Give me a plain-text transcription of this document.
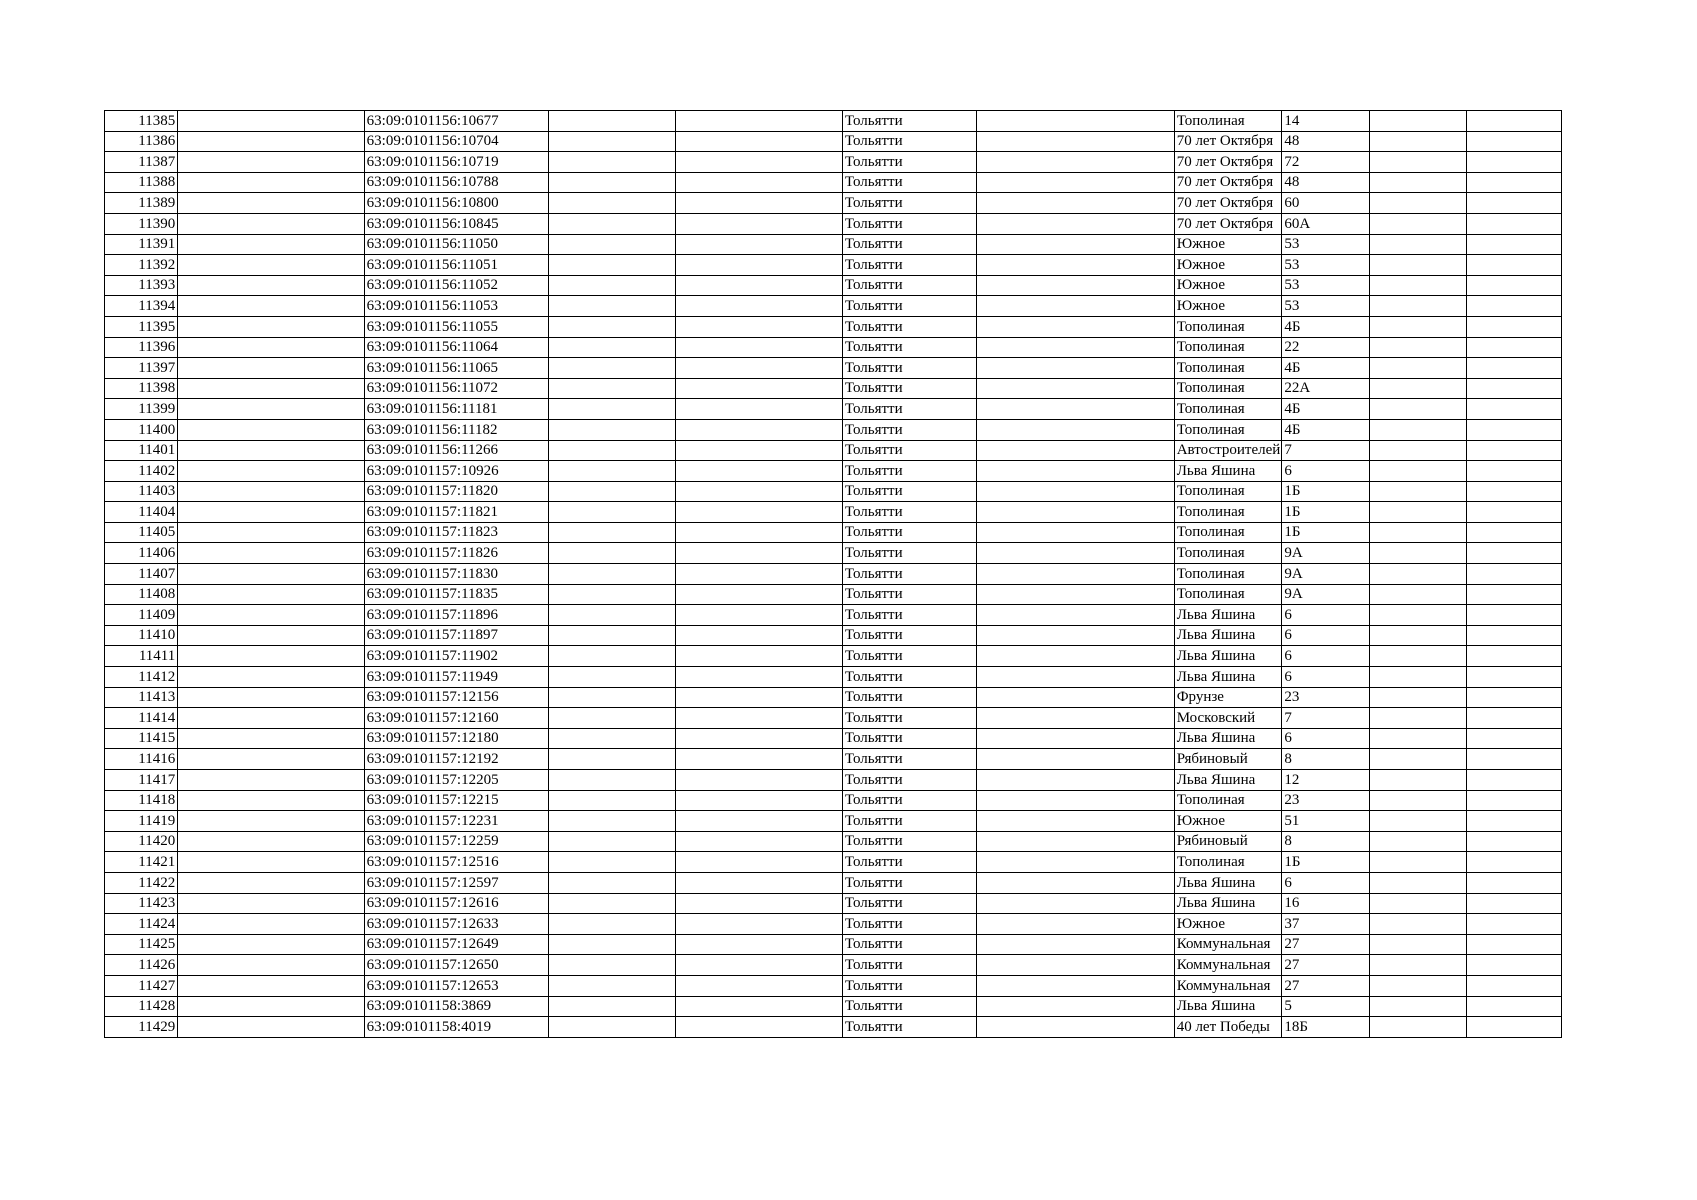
11385		63:09:0101156:10677			Тольятти		Тополиная	14		
11386		63:09:0101156:10704			Тольятти		70 лет Октября	48		
11387		63:09:0101156:10719			Тольятти		70 лет Октября	72		
11388		63:09:0101156:10788			Тольятти		70 лет Октября	48		
11389		63:09:0101156:10800			Тольятти		70 лет Октября	60		
11390		63:09:0101156:10845			Тольятти		70 лет Октября	60А		
11391		63:09:0101156:11050			Тольятти		Южное	53		
11392		63:09:0101156:11051			Тольятти		Южное	53		
11393		63:09:0101156:11052			Тольятти		Южное	53		
11394		63:09:0101156:11053			Тольятти		Южное	53		
11395		63:09:0101156:11055			Тольятти		Тополиная	4Б		
11396		63:09:0101156:11064			Тольятти		Тополиная	22		
11397		63:09:0101156:11065			Тольятти		Тополиная	4Б		
11398		63:09:0101156:11072			Тольятти		Тополиная	22А		
11399		63:09:0101156:11181			Тольятти		Тополиная	4Б		
11400		63:09:0101156:11182			Тольятти		Тополиная	4Б		
11401		63:09:0101156:11266			Тольятти		Автостроителей	7		
11402		63:09:0101157:10926			Тольятти		Льва Яшина	6		
11403		63:09:0101157:11820			Тольятти		Тополиная	1Б		
11404		63:09:0101157:11821			Тольятти		Тополиная	1Б		
11405		63:09:0101157:11823			Тольятти		Тополиная	1Б		
11406		63:09:0101157:11826			Тольятти		Тополиная	9А		
11407		63:09:0101157:11830			Тольятти		Тополиная	9А		
11408		63:09:0101157:11835			Тольятти		Тополиная	9А		
11409		63:09:0101157:11896			Тольятти		Льва Яшина	6		
11410		63:09:0101157:11897			Тольятти		Льва Яшина	6		
11411		63:09:0101157:11902			Тольятти		Льва Яшина	6		
11412		63:09:0101157:11949			Тольятти		Льва Яшина	6		
11413		63:09:0101157:12156			Тольятти		Фрунзе	23		
11414		63:09:0101157:12160			Тольятти		Московский	7		
11415		63:09:0101157:12180			Тольятти		Льва Яшина	6		
11416		63:09:0101157:12192			Тольятти		Рябиновый	8		
11417		63:09:0101157:12205			Тольятти		Льва Яшина	12		
11418		63:09:0101157:12215			Тольятти		Тополиная	23		
11419		63:09:0101157:12231			Тольятти		Южное	51		
11420		63:09:0101157:12259			Тольятти		Рябиновый	8		
11421		63:09:0101157:12516			Тольятти		Тополиная	1Б		
11422		63:09:0101157:12597			Тольятти		Льва Яшина	6		
11423		63:09:0101157:12616			Тольятти		Льва Яшина	16		
11424		63:09:0101157:12633			Тольятти		Южное	37		
11425		63:09:0101157:12649			Тольятти		Коммунальная	27		
11426		63:09:0101157:12650			Тольятти		Коммунальная	27		
11427		63:09:0101157:12653			Тольятти		Коммунальная	27		
11428		63:09:0101158:3869			Тольятти		Льва Яшина	5		
11429		63:09:0101158:4019			Тольятти		40 лет Победы	18Б		
